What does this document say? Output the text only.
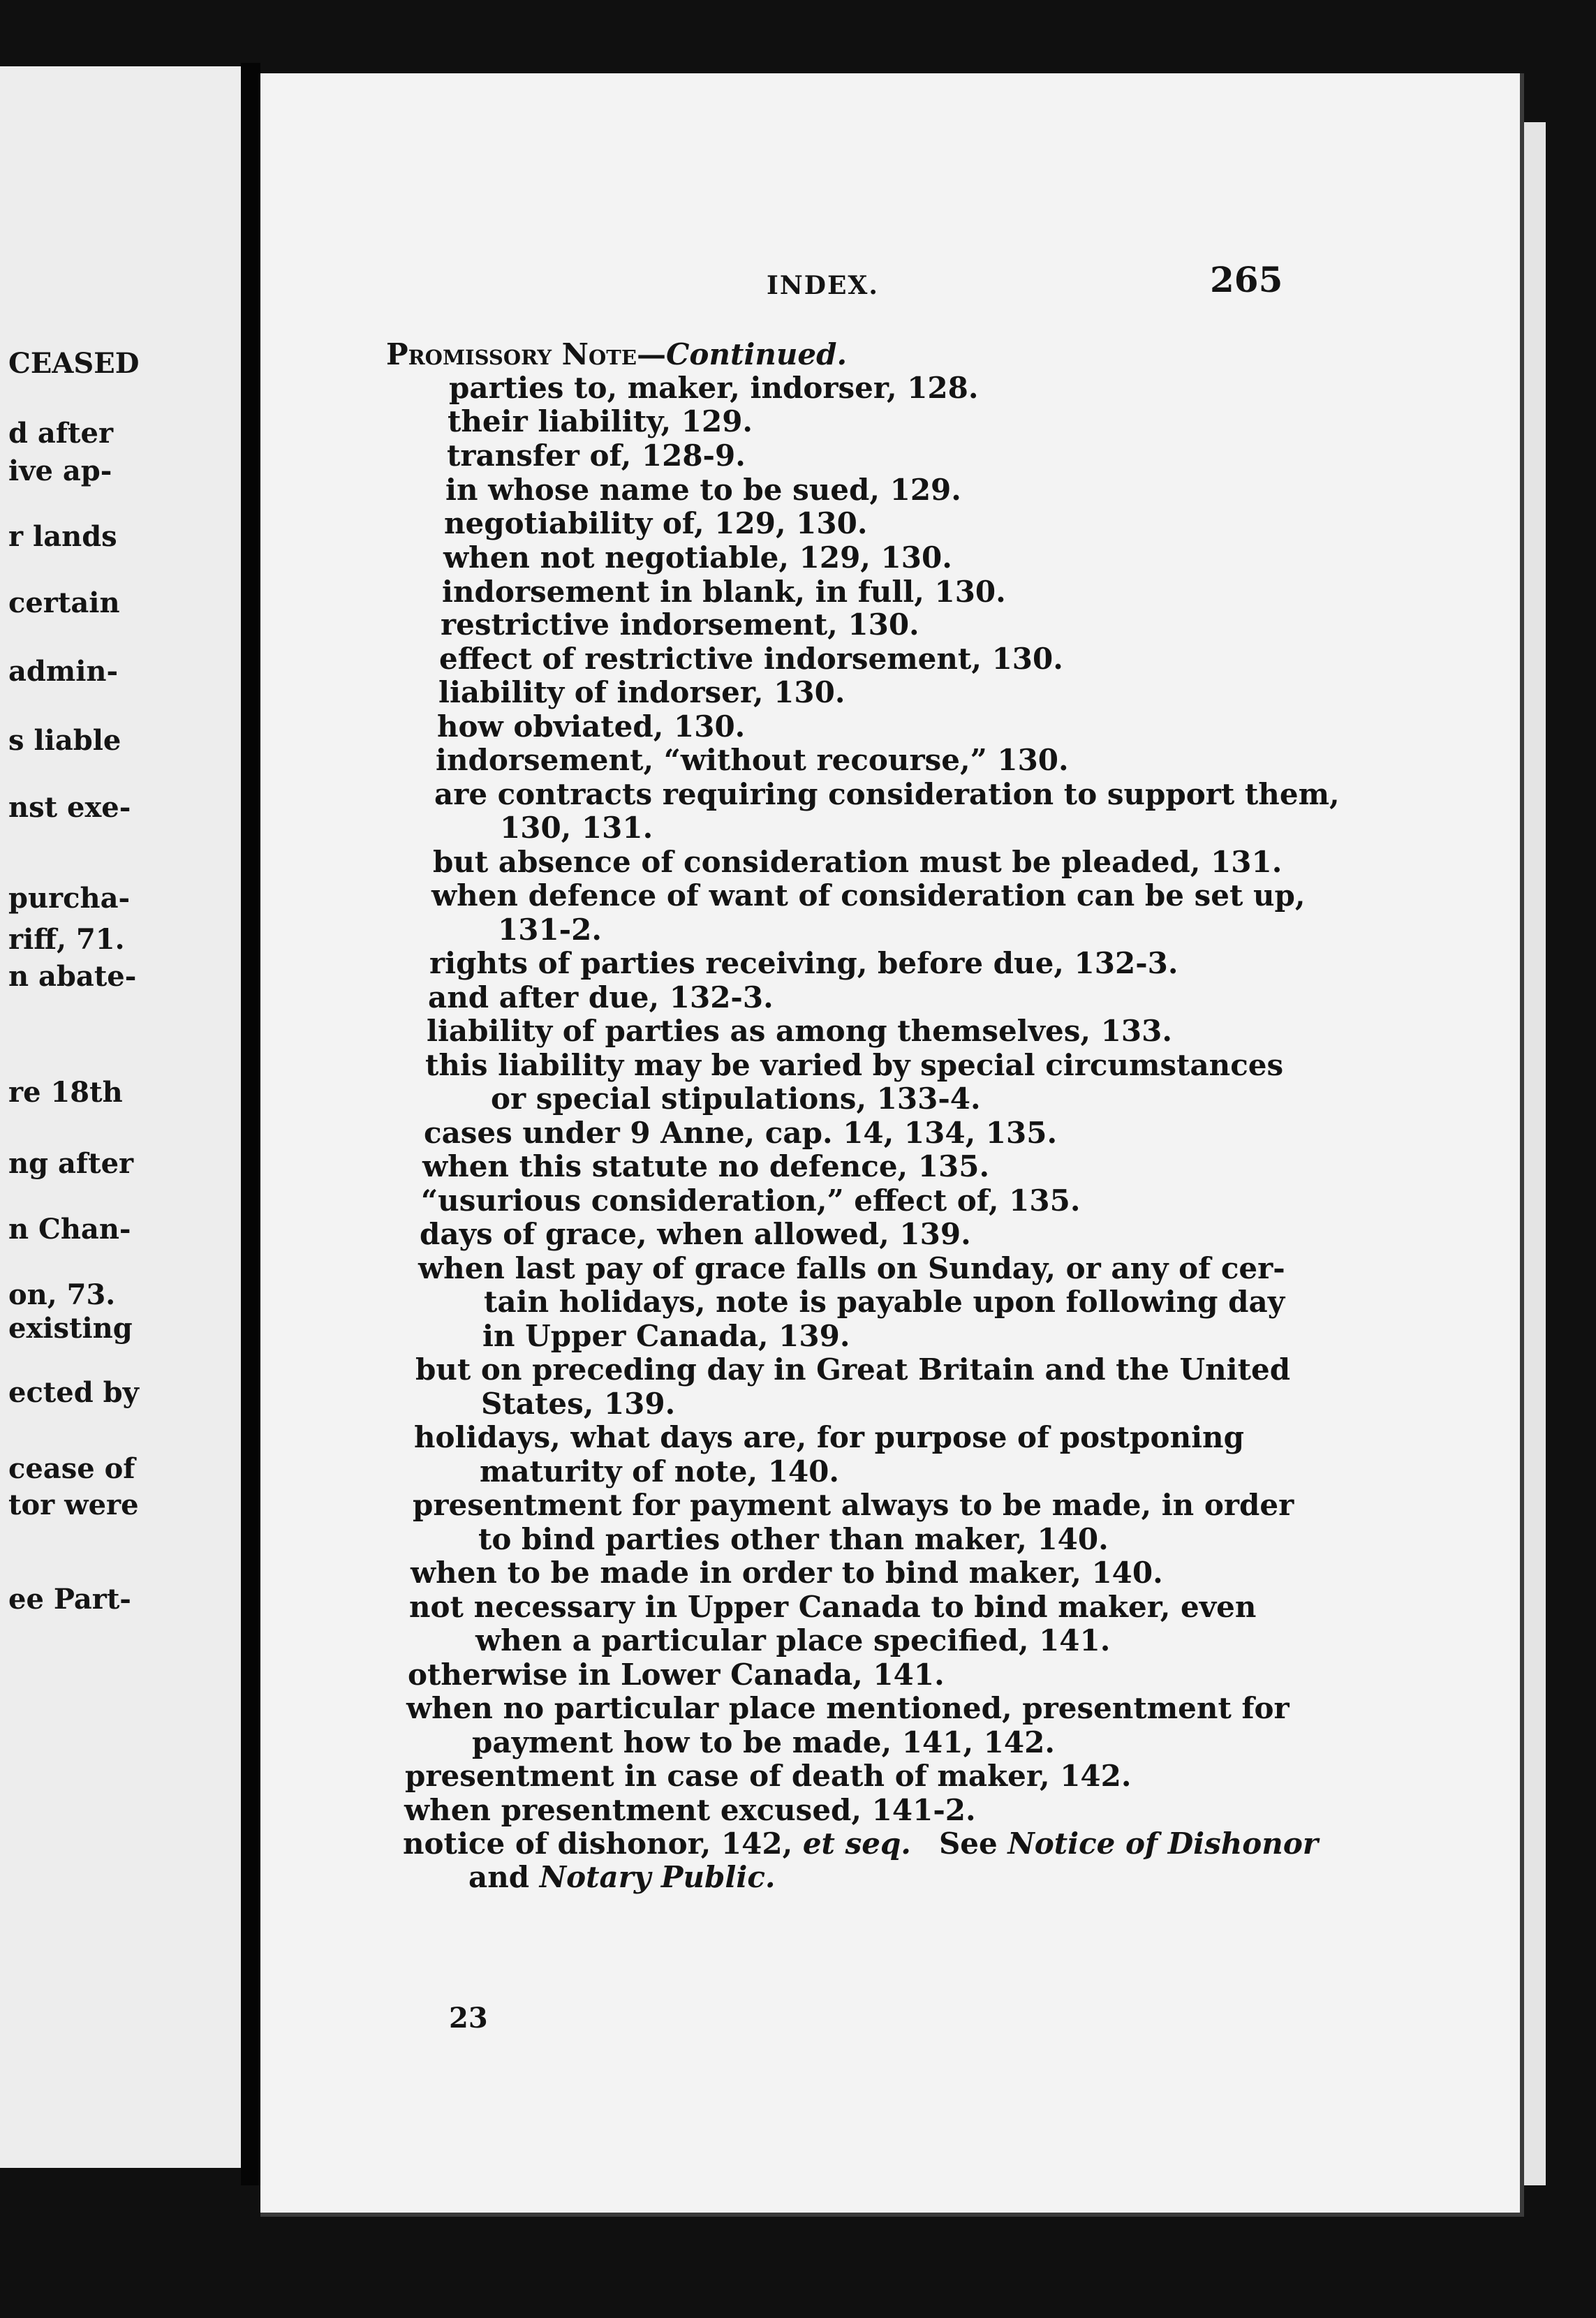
CEASED
d after
ive ap-
r lands
certain
admin-
s liable
nst exe-
purcha-
riff, 71.
n abate-
re 18th
ng after
n Chan-
on, 73.
existing
ected by
cease of
tor were
ee Part-
INDEX.	265
Promissory Note—Continued.
parties to, maker, indorser, 128.
their liability, 129.
transfer of, 128-9.
in whose name to be sued, 129.
negotiability of, 129, 130.
when not negotiable, 129, 130.
indorsement in blank, in full, 130.
restrictive indorsement, 130.
effect of restrictive indorsement, 130.
liability of indorser, 130.
how obviated, 130.
indorsement, “without recourse,” 130.
are contracts requiring consideration to support them,
130, 131.
but absence of consideration must be pleaded, 131.
when defence of want of consideration can be set up,
131-2.
rights of parties receiving, before due, 132-3.
and after due, 132-3.
liability of parties as among themselves, 133.
this liability may be varied by special circumstances
or special stipulations, 133-4.
cases under 9 Anne, cap. 14, 134, 135.
when this statute no defence, 135.
“usurious consideration,” effect of, 135.
days of grace, when allowed, 139.
when last pay of grace falls on Sunday, or any of cer-
tain holidays, note is payable upon following day
in Upper Canada, 139.
but on preceding day in Great Britain and the United
States, 139.
holidays, what days are, for purpose of postponing
maturity of note, 140.
presentment for payment always to be made, in order
to bind parties other than maker, 140.
when to be made in order to bind maker, 140.
not necessary in Upper Canada to bind maker, even
when a particular place specified, 141.
otherwise in Lower Canada, 141.
when no particular place mentioned, presentment for
payment how to be made, 141, 142.
presentment in case of death of maker, 142.
when presentment excused, 141-2.
notice of dishonor, 142, et seq. See Notice of Dishonor
and Notary Public.
23
